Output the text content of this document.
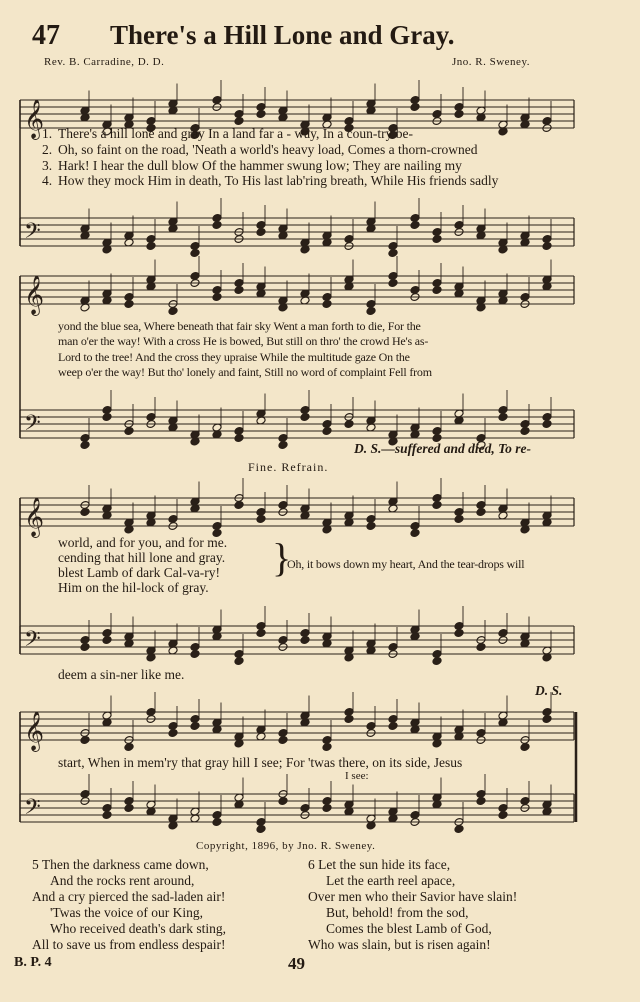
𝄞
𝄢
𝄞
𝄢
𝄞
𝄢
𝄞
𝄢
47 There's a Hill Lone and Gray.
Rev. B. Carradine, D. D.	Jno. R. Sweney.
1. There's a hill lone and gray In a land far a - way, In a coun-try be-
2. Oh, so faint on the road, 'Neath a world's heavy load, Comes a thorn-crowned
3. Hark! I hear the dull blow Of the hammer swung low; They are nailing my
4. How they mock Him in death, To His last lab'ring breath, While His friends sadly
yond the blue sea, Where beneath that fair sky Went a man forth to die, For the
man o'er the way! With a cross He is bowed, But still on thro' the crowd He's as-
Lord to the tree! And the cross they upraise While the multitude gaze On the
weep o'er the way! But tho' lonely and faint, Still no word of complaint Fell from
D. S.—suffered and died, To re-
Fine. Refrain.
world, and for you, and for me.
cending that hill lone and gray.
blest Lamb of dark Cal-va-ry!
Him on the hil-lock of gray.
}
Oh, it bows down my heart, And the tear-drops will
deem a sin-ner like me.
D. S.
start, When in mem'ry that gray hill I see; For 'twas there, on its side, Jesus
I see:
Copyright, 1896, by Jno. R. Sweney.
5 Then the darkness came down,
And the rocks rent around,
And a cry pierced the sad-laden air!
'Twas the voice of our King,
Who received death's dark sting,
All to save us from endless despair!
6 Let the sun hide its face,
Let the earth reel apace,
Over men who their Savior have slain!
But, behold! from the sod,
Comes the blest Lamb of God,
Who was slain, but is risen again!
B. P. 4	49
